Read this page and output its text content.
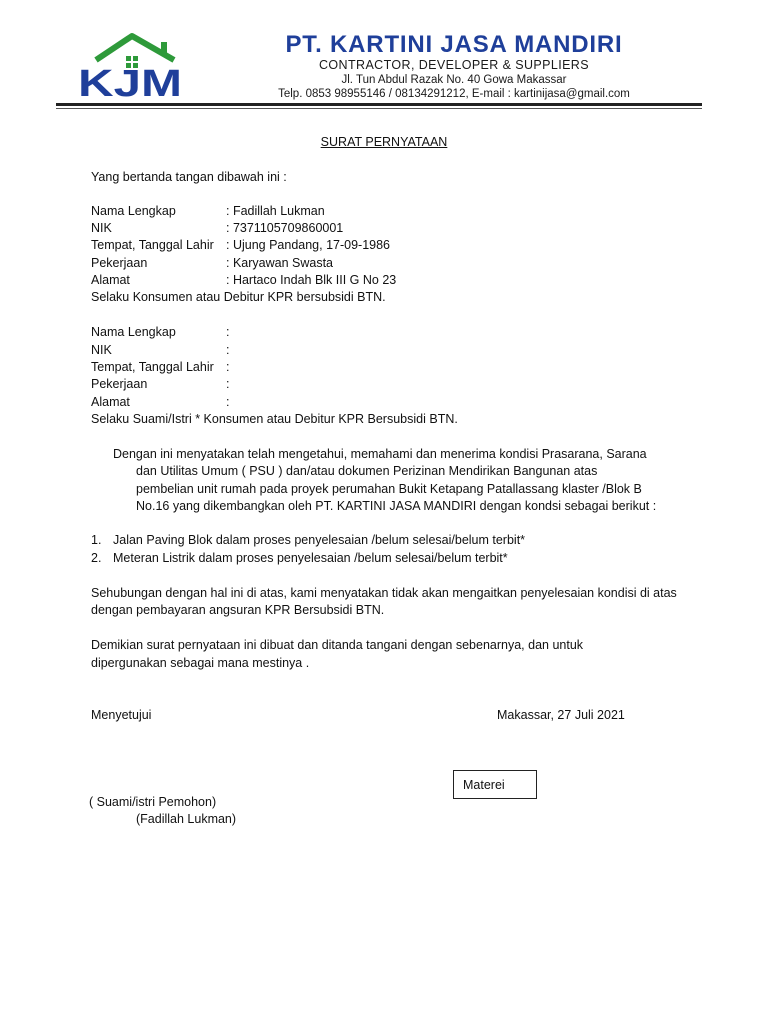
KJM
PT. KARTINI JASA MANDIRI
CONTRACTOR, DEVELOPER & SUPPLIERS
Jl. Tun Abdul Razak No. 40 Gowa Makassar
Telp. 0853 98955146 / 08134291212, E-mail : kartinijasa@gmail.com
SURAT PERNYATAAN
Yang bertanda tangan dibawah ini :
Nama Lengkap	: Fadillah Lukman
NIK	: 7371105709860001
Tempat, Tanggal Lahir : Ujung Pandang, 17-09-1986
Pekerjaan	: Karyawan Swasta
Alamat	: Hartaco Indah Blk III G No 23
Selaku Konsumen atau Debitur KPR bersubsidi BTN.
Nama Lengkap	:
NIK	:
Tempat, Tanggal Lahir :
Pekerjaan	:
Alamat	:
Selaku Suami/Istri * Konsumen atau Debitur KPR Bersubsidi BTN.
Dengan ini menyatakan telah mengetahui, memahami dan menerima kondisi Prasarana, Sarana
dan Utilitas Umum ( PSU ) dan/atau dokumen Perizinan Mendirikan Bangunan atas
pembelian unit rumah pada proyek perumahan Bukit Ketapang Patallassang klaster /Blok B
No.16 yang dikembangkan oleh PT. KARTINI JASA MANDIRI dengan kondsi sebagai berikut :
1. Jalan Paving Blok dalam proses penyelesaian /belum selesai/belum terbit*
2. Meteran Listrik dalam proses penyelesaian /belum selesai/belum terbit*
Sehubungan dengan hal ini di atas, kami menyatakan tidak akan mengaitkan penyelesaian kondisi di atas
dengan pembayaran angsuran KPR Bersubsidi BTN.
Demikian surat pernyataan ini dibuat dan ditanda tangani dengan sebenarnya, dan untuk
dipergunakan sebagai mana mestinya .
Menyetujui	Makassar, 27 Juli 2021
Materei
( Suami/istri Pemohon)
(Fadillah Lukman)
